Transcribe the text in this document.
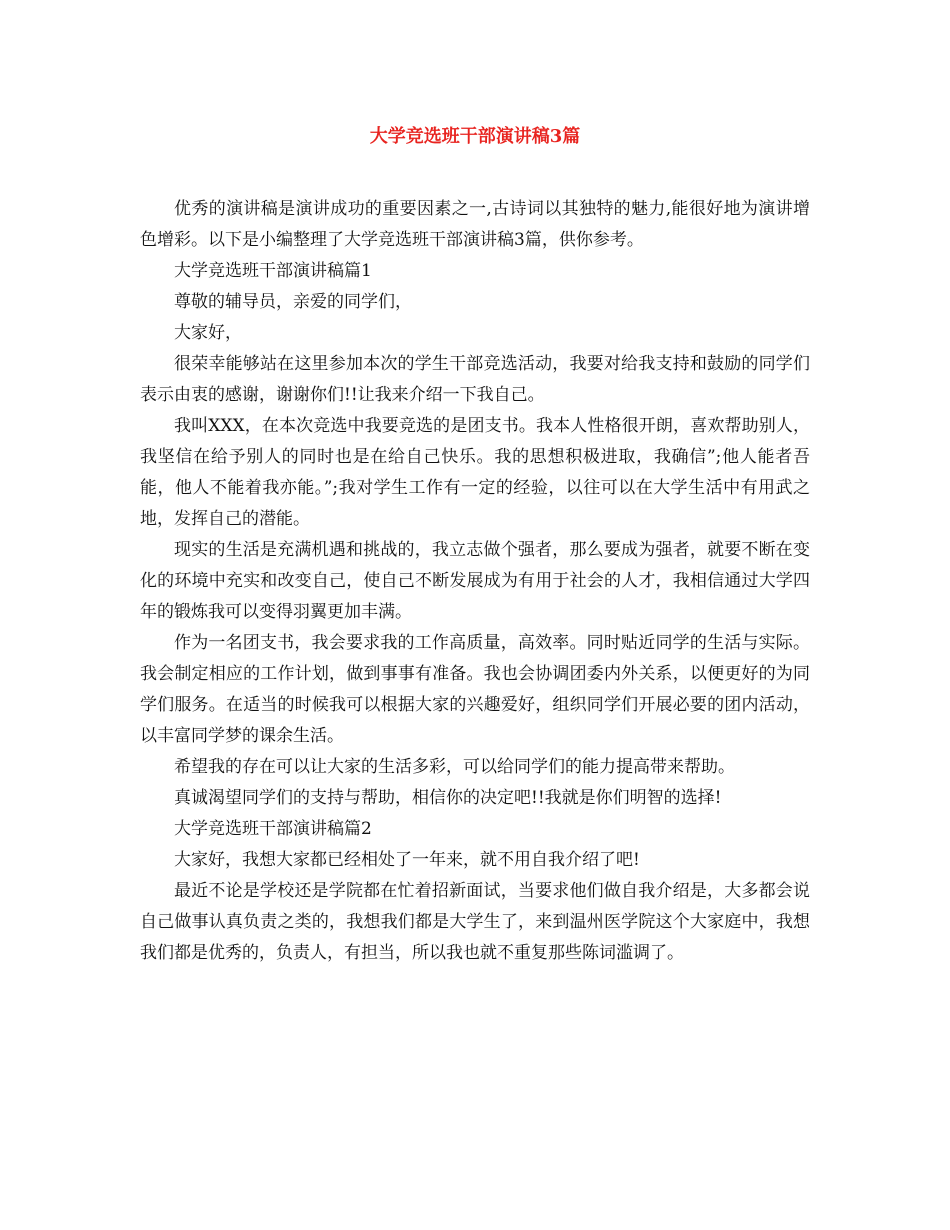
大学竞选班干部演讲稿3篇

优秀的演讲稿是演讲成功的重要因素之一,古诗词以其独特的魅力,能很好地为演讲增色增彩。以下是小编整理了大学竞选班干部演讲稿3篇，供你参考。

大学竞选班干部演讲稿篇1

尊敬的辅导员，亲爱的同学们，

大家好，

很荣幸能够站在这里参加本次的学生干部竞选活动，我要对给我支持和鼓励的同学们表示由衷的感谢，谢谢你们!!让我来介绍一下我自己。

我叫XXX，在本次竞选中我要竞选的是团支书。我本人性格很开朗，喜欢帮助别人，我坚信在给予别人的同时也是在给自己快乐。我的思想积极进取，我确信”;他人能者吾能，他人不能着我亦能。”;我对学生工作有一定的经验，以往可以在大学生活中有用武之地，发挥自己的潜能。

现实的生活是充满机遇和挑战的，我立志做个强者，那么要成为强者，就要不断在变化的环境中充实和改变自己，使自己不断发展成为有用于社会的人才，我相信通过大学四年的锻炼我可以变得羽翼更加丰满。

作为一名团支书，我会要求我的工作高质量，高效率。同时贴近同学的生活与实际。我会制定相应的工作计划，做到事事有准备。我也会协调团委内外关系，以便更好的为同学们服务。在适当的时候我可以根据大家的兴趣爱好，组织同学们开展必要的团内活动，以丰富同学梦的课余生活。

希望我的存在可以让大家的生活多彩，可以给同学们的能力提高带来帮助。

真诚渴望同学们的支持与帮助，相信你的决定吧!!我就是你们明智的选择!

大学竞选班干部演讲稿篇2

大家好，我想大家都已经相处了一年来，就不用自我介绍了吧!

最近不论是学校还是学院都在忙着招新面试，当要求他们做自我介绍是，大多都会说自己做事认真负责之类的，我想我们都是大学生了，来到温州医学院这个大家庭中，我想我们都是优秀的，负责人，有担当，所以我也就不重复那些陈词滥调了。
